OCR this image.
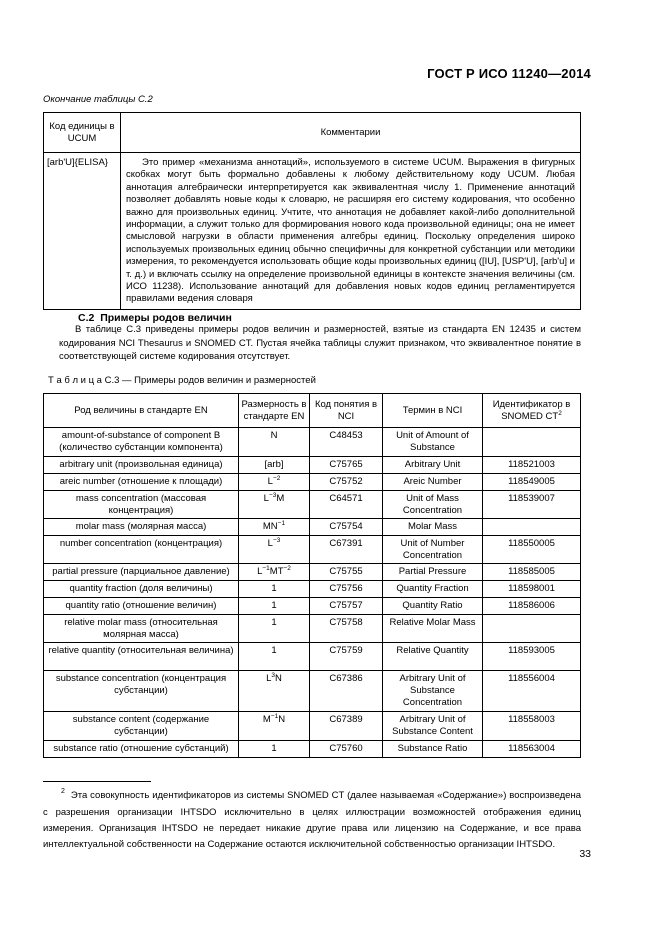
ГОСТ Р ИСО 11240—2014
Окончание таблицы С.2
Код единицы в UCUM	Комментарии
[arb'U]{ELISA}	Это пример «механизма аннотаций», используемого в системе UCUM. Выражения в фигурных скобках могут быть формально добавлены к любому действительному коду UCUM. Любая аннотация алгебраически интерпретируется как эквивалентная числу 1. Применение аннотаций позволяет добавлять новые коды к словарю, не расширяя его систему кодирования, что особенно важно для произвольных единиц. Учтите, что аннотация не добавляет какой-либо дополнительной информации, а служит только для формирования нового кода произвольной единицы; она не имеет смысловой нагрузки в области применения алгебры единиц. Поскольку определения широко используемых произвольных единиц обычно специфичны для конкретной субстанции или методики измерения, то рекомендуется использовать общие коды произвольных единиц ([IU], [USP'U], [arb'u] и т. д.) и включать ссылку на определение произвольной единицы в контексте значения величины (см. ИСО 11238). Использование аннотаций для добавления новых кодов единиц регламентируется правилами ведения словаря
С.2 Примеры родов величин
В таблице С.3 приведены примеры родов величин и размерностей, взятые из стандарта EN 12435 и систем кодирования NCI Thesaurus и SNOMED CT. Пустая ячейка таблицы служит признаком, что эквивалентное понятие в соответствующей системе кодирования отсутствует.
Т а б л и ц а С.3 — Примеры родов величин и размерностей
Род величины в стандарте EN	Размерность в стандарте EN	Код понятия в NCI	Термин в NCI	Идентификатор в SNOMED $CT^2$
amount-of-substance of component B (количество субстанции компонента)	N	C48453	Unit of Amount of Substance	
arbitrary unit (произвольная единица)	[arb]	C75765	Arbitrary Unit	118521003
areic number (отношение к площади)	$L^{-2}$	C75752	Areic Number	118549005
mass concentration (массовая концентрация)	$L^{-3}M$	C64571	Unit of Mass Concentration	118539007
molar mass (молярная масса)	$MN^{-1}$	C75754	Molar Mass	
number concentration (концентрация)	$L^{-3}$	C67391	Unit of Number Concentration	118550005
partial pressure (парциальное давление)	$L^{-1}MT^{-2}$	C75755	Partial Pressure	118585005
quantity fraction (доля величины)	1	C75756	Quantity Fraction	118598001
quantity ratio (отношение величин)	1	C75757	Quantity Ratio	118586006
relative molar mass (относительная молярная масса)	1	C75758	Relative Molar Mass	
relative quantity (относительная величина)	1	C75759	Relative Quantity	118593005
substance concentration (концентрация субстанции)	$L^3N$	C67386	Arbitrary Unit of Substance Concentration	118556004
substance content (содержание субстанции)	$M^{-1}N$	C67389	Arbitrary Unit of Substance Content	118558003
substance ratio (отношение субстанций)	1	C75760	Substance Ratio	118563004
$^2$ Эта совокупность идентификаторов из системы SNOMED CT (далее называемая «Содержание») воспроизведена с разрешения организации IHTSDO исключительно в целях иллюстрации возможностей отображения единиц измерения. Организация IHTSDO не передает никакие другие права или лицензию на Содержание, и все права интеллектуальной собственности на Содержание остаются исключительной собственностью организации IHTSDO.
33
